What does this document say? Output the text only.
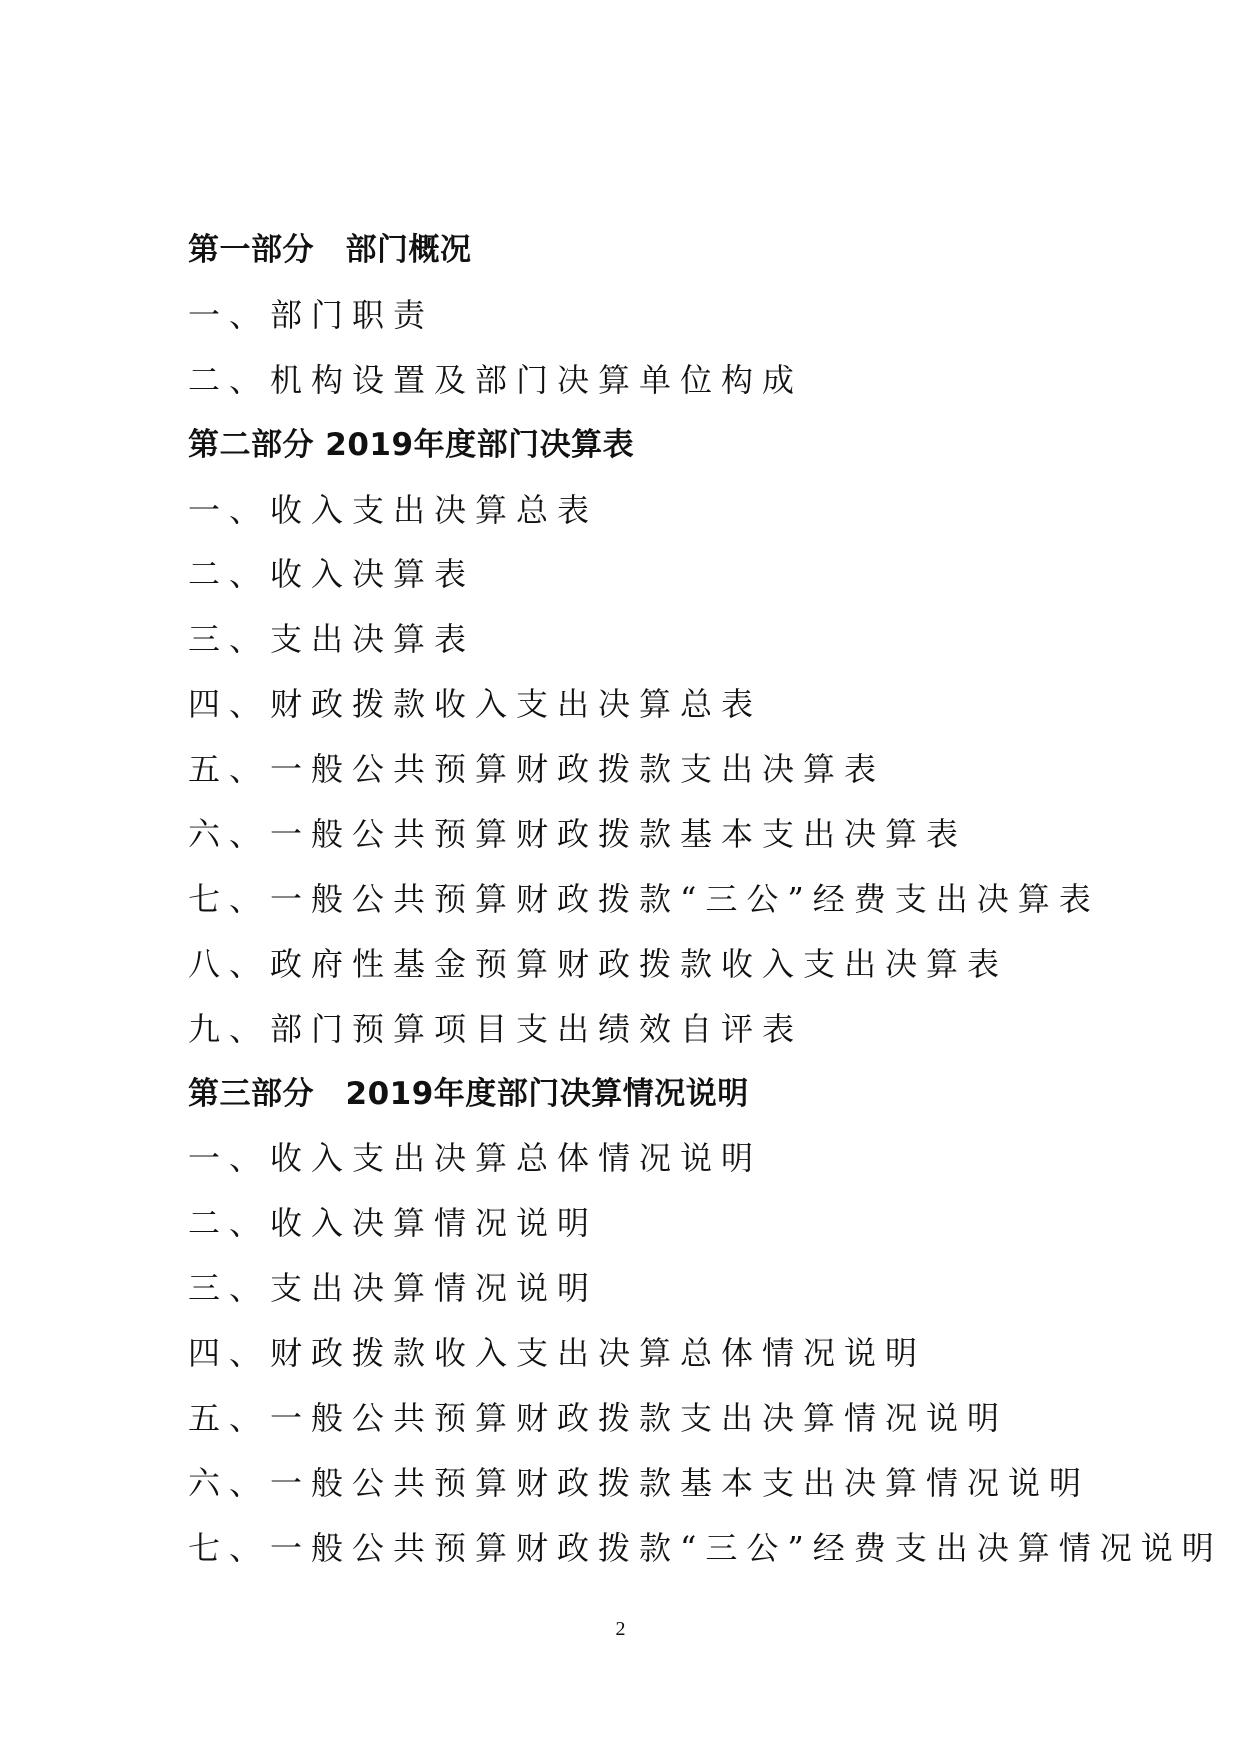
第一部分　部门概况
一、部门职责
二、机构设置及部门决算单位构成
第二部分 2019年度部门决算表
一、收入支出决算总表
二、收入决算表
三、支出决算表
四、财政拨款收入支出决算总表
五、一般公共预算财政拨款支出决算表
六、一般公共预算财政拨款基本支出决算表
七、一般公共预算财政拨款“三公”经费支出决算表
八、政府性基金预算财政拨款收入支出决算表
九、部门预算项目支出绩效自评表
第三部分　2019年度部门决算情况说明
一、收入支出决算总体情况说明
二、收入决算情况说明
三、支出决算情况说明
四、财政拨款收入支出决算总体情况说明
五、一般公共预算财政拨款支出决算情况说明
六、一般公共预算财政拨款基本支出决算情况说明
七、一般公共预算财政拨款“三公”经费支出决算情况说明
2
